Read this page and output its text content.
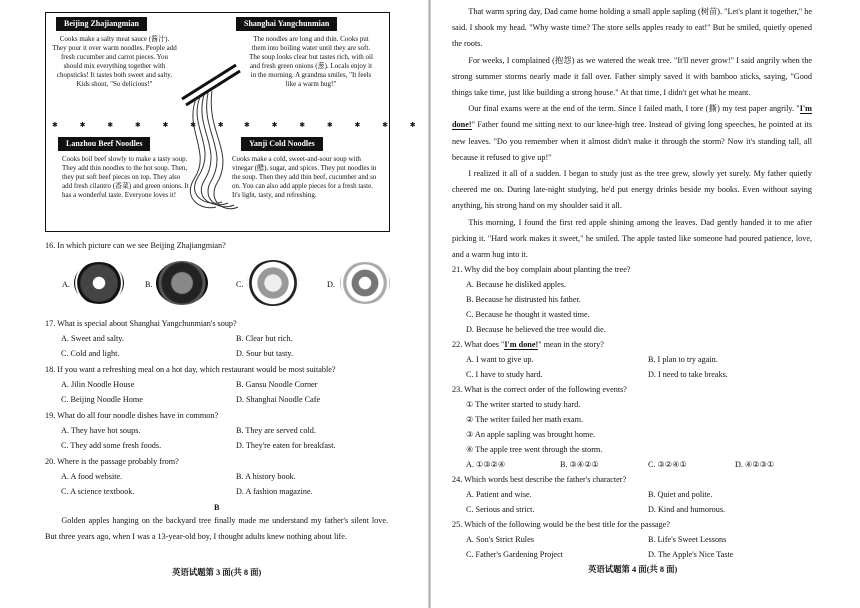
Beijing Zhajiangmian
Cooks make a salty meat sauce (酱汁). They pour it over warm noodles. People add fresh cucumber and carrot pieces. You should mix everything together with chopsticks! It tastes both sweet and salty. Kids shout, "So delicious!"
Shanghai Yangchunmian
The noodles are long and thin. Cooks put them into boiling water until they are soft. The soup looks clear but tastes rich, with oil and fresh green onions (葱). Locals enjoy it in the morning. A grandma smiles, "It feels like a warm hug!"
✱ ✱ ✱ ✱ ✱ ✱ ✱ ✱ ✱ ✱ ✱ ✱ ✱ ✱
Lanzhou Beef Noodles
Cooks boil beef slowly to make a tasty soup. They add thin noodles to the hot soup. Then, they put soft beef pieces on top. They also add fresh cilantro (香菜) and green onions. It has a wonderful taste. Everyone loves it!
Yanji Cold Noodles
Cooks make a cold, sweet-and-sour soup with vinegar (醋), sugar, and spices. They put noodles in the soup. Then they add thin beef, cucumber and so on. You can also add apple pieces for a fresh taste. It's light, tasty, and refreshing.
16. In which picture can we see Beijing Zhajiangmian?
A.	B.	C.	D.
17. What is special about Shanghai Yangchunmian's soup?
A. Sweet and salty.	B. Clear but rich.
C. Cold and light.	D. Sour but tasty.
18. If you want a refreshing meal on a hot day, which restaurant would be most suitable?
A. Jilin Noodle House	B. Gansu Noodle Corner
C. Beijing Noodle Home	D. Shanghai Noodle Cafe
19. What do all four noodle dishes have in common?
A. They have hot soups.	B. They are served cold.
C. They add some fresh foods.	D. They're eaten for breakfast.
20. Where is the passage probably from?
A. A food website.	B. A history book.
C. A science textbook.	D. A fashion magazine.
B

Golden apples hanging on the backyard tree finally made me understand my father's silent love. But three years ago, when I was a 13-year-old boy, I thought adults knew nothing about life.

英语试题第 3 面(共 8 面)

That warm spring day, Dad came home holding a small apple sapling (树苗). "Let's plant it together," he said. I shook my head. "Why waste time? The store sells apples ready to eat!" But he smiled, quietly opened the roots.

For weeks, I complained (抱怨) as we watered the weak tree. "It'll never grow!" I said angrily when the strong summer storms nearly made it fall over. Father simply saved it with bamboo sticks, saying, "Good things take time, just like building a strong house." At that time, I didn't get what he meant.

Our final exams were at the end of the term. Since I failed math, I tore (撕) my test paper angrily. "I'm done!" Father found me sitting next to our knee-high tree. Instead of giving long speeches, he pointed at its new leaves. "Do you remember when it almost didn't make it through the storm? Now it's standing tall, all because it refused to give up!"

I realized it all of a sudden. I began to study just as the tree grew, slowly yet surely. My father quietly cheered me on. During late-night studying, he'd put energy drinks beside my books. Even without saying anything, his strong hand on my shoulder said it all.

This morning, I found the first red apple shining among the leaves. Dad gently handed it to me after picking it. "Hard work makes it sweet," he smiled. The apple tasted like someone had poured patience, love, and a warm hug into it.

21. Why did the boy complain about planting the tree?
A. Because he disliked apples.
B. Because he distrusted his father.
C. Because he thought it wasted time.
D. Because he believed the tree would die.
22. What does "I'm done!" mean in the story?
A. I want to give up.	B. I plan to try again.
C. I have to study hard.	D. I need to take breaks.
23. What is the correct order of the following events?
① The writer started to study hard.
② The writer failed her math exam.
③ An apple sapling was brought home.
④ The apple tree went through the storm.
A. ①③②④	B. ③④②①	C. ③②④①	D. ④②③①
24. Which words best describe the father's character?
A. Patient and wise.	B. Quiet and polite.
C. Serious and strict.	D. Kind and humorous.
25. Which of the following would be the best title for the passage?
A. Son's Strict Rules	B. Life's Sweet Lessons
C. Father's Gardening Project	D. The Apple's Nice Taste
英语试题第 4 面(共 8 面)
